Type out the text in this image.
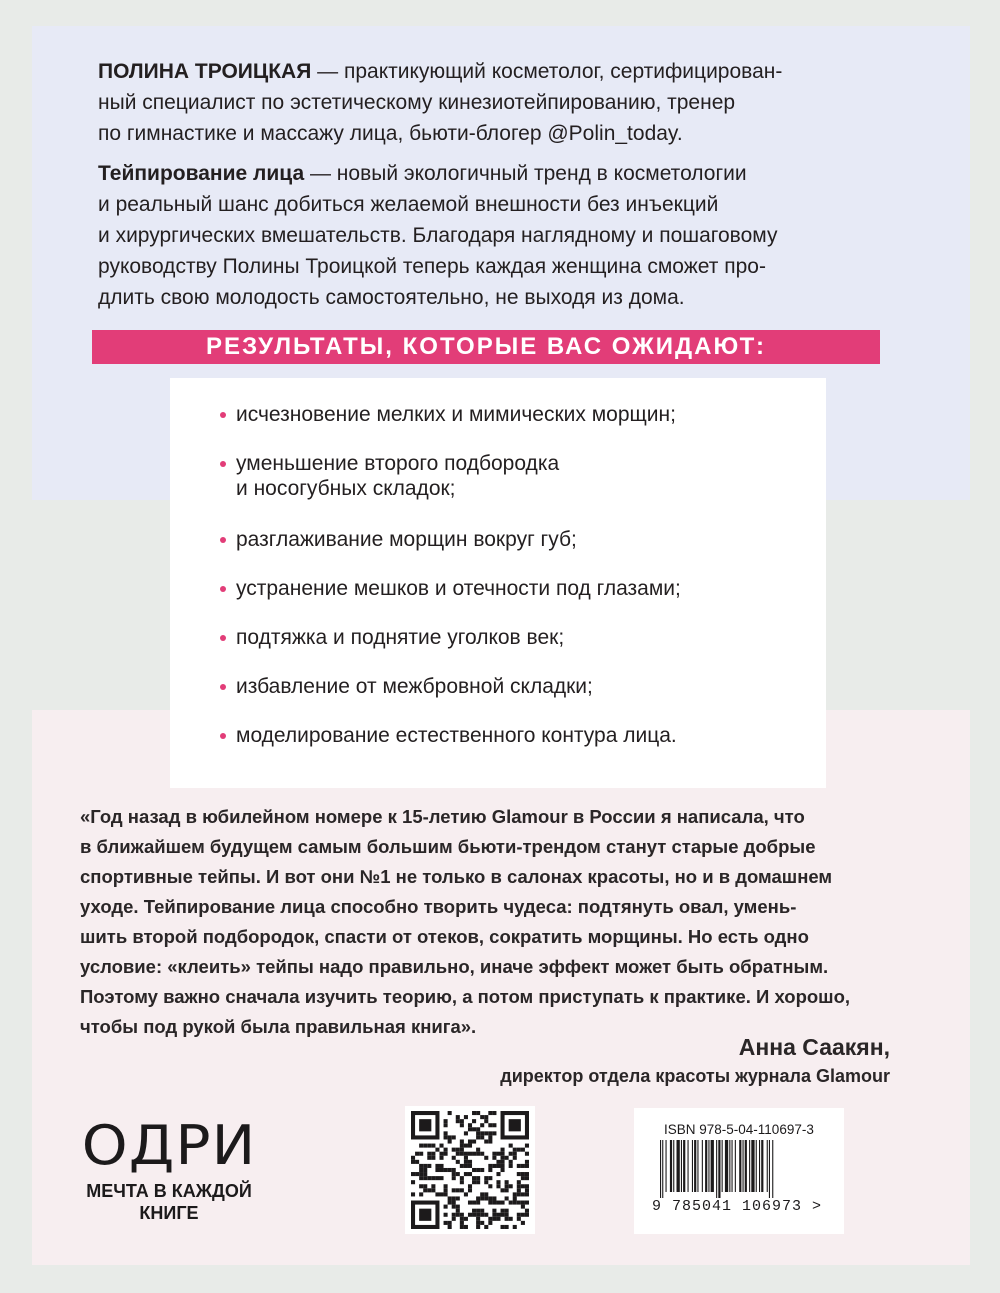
ПОЛИНА ТРОИЦКАЯ — практикующий косметолог, сертифицирован-
ный специалист по эстетическому кинезиотейпированию, тренер
по гимнастике и массажу лица, бьюти-блогер @Polin_today.

Тейпирование лица — новый экологичный тренд в косметологии
и реальный шанс добиться желаемой внешности без инъекций
и хирургических вмешательств. Благодаря наглядному и пошаговому
руководству Полины Троицкой теперь каждая женщина сможет про-
длить свою молодость самостоятельно, не выходя из дома.

РЕЗУЛЬТАТЫ, КОТОРЫЕ ВАС ОЖИДАЮТ:
исчезновение мелких и мимических морщин;
уменьшение второго подбородка
и носогубных складок;
разглаживание морщин вокруг губ;
устранение мешков и отечности под глазами;
подтяжка и поднятие уголков век;
избавление от межбровной складки;
моделирование естественного контура лица.

«Год назад в юбилейном номере к 15-летию Glamour в России я написала, что
в ближайшем будущем самым большим бьюти-трендом станут старые добрые
спортивные тейпы. И вот они №1 не только в салонах красоты, но и в домашнем
уходе. Тейпирование лица способно творить чудеса: подтянуть овал, умень-
шить второй подбородок, спасти от отеков, сократить морщины. Но есть одно
условие: «клеить» тейпы надо правильно, иначе эффект может быть обратным.
Поэтому важно сначала изучить теорию, а потом приступать к практике. И хорошо,
чтобы под рукой была правильная книга».

Анна Саакян,
директор отдела красоты журнала Glamour
ОДРИ
МЕЧТА В КАЖДОЙ
КНИГЕ
ISBN 978-5-04-110697-3
9 785041 106973 >
